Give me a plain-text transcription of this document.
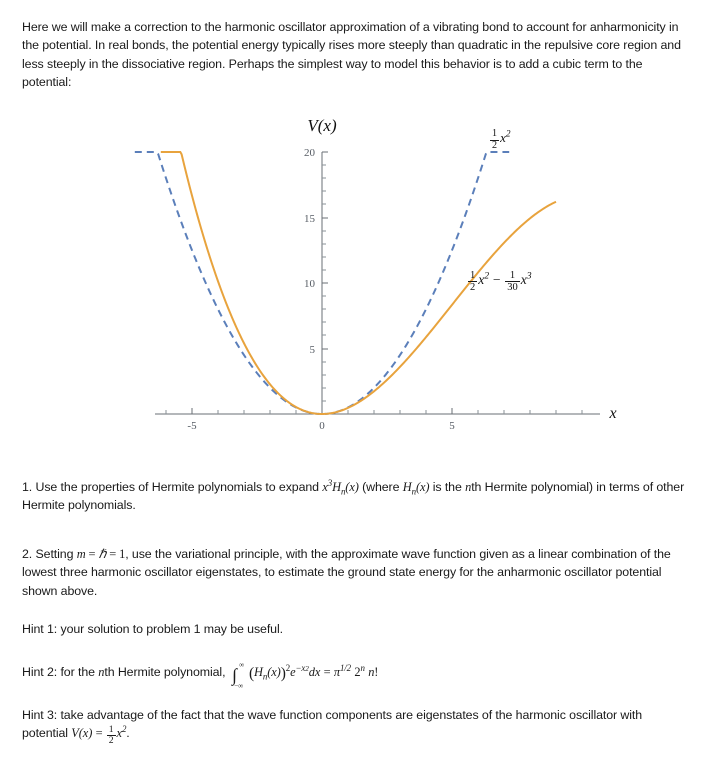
Here we will make a correction to the harmonic oscillator approximation of a vibrating bond to account for anharmonicity in the potential. In real bonds, the potential energy typically rises more steeply than quadratic in the repulsive core region and less steeply in the dissociative region. Perhaps the simplest way to model this behavior is to add a cubic term to the potential:
5
10
15
20
-5	0	5
V(x)
x
$\frac{1}{2} x^2$
$\frac{1}{2} x^2 - \frac{1}{30} x^3$
1. Use the properties of Hermite polynomials to expand $x^3H_n(x)$ (where $H_n(x)$ is the nth Hermite polynomial) in terms of other Hermite polynomials.
2. Setting m = ℏ = 1, use the variational principle, with the approximate wave function given as a linear combination of the lowest three harmonic oscillator eigenstates, to estimate the ground state energy for the anharmonic oscillator potential shown above.
Hint 1: your solution to problem 1 may be useful.
Hint 2: for the nth Hermite polynomial, ∫ ∞
−∞
$(H_n(x))^2e^{-x2}dx = \pi^{1/2}$ 2$^n$ n!
Hint 3: take advantage of the fact that the wave function components are eigenstates of the harmonic oscillator with potential $V(x) = \frac{1}{2} x^2$.
